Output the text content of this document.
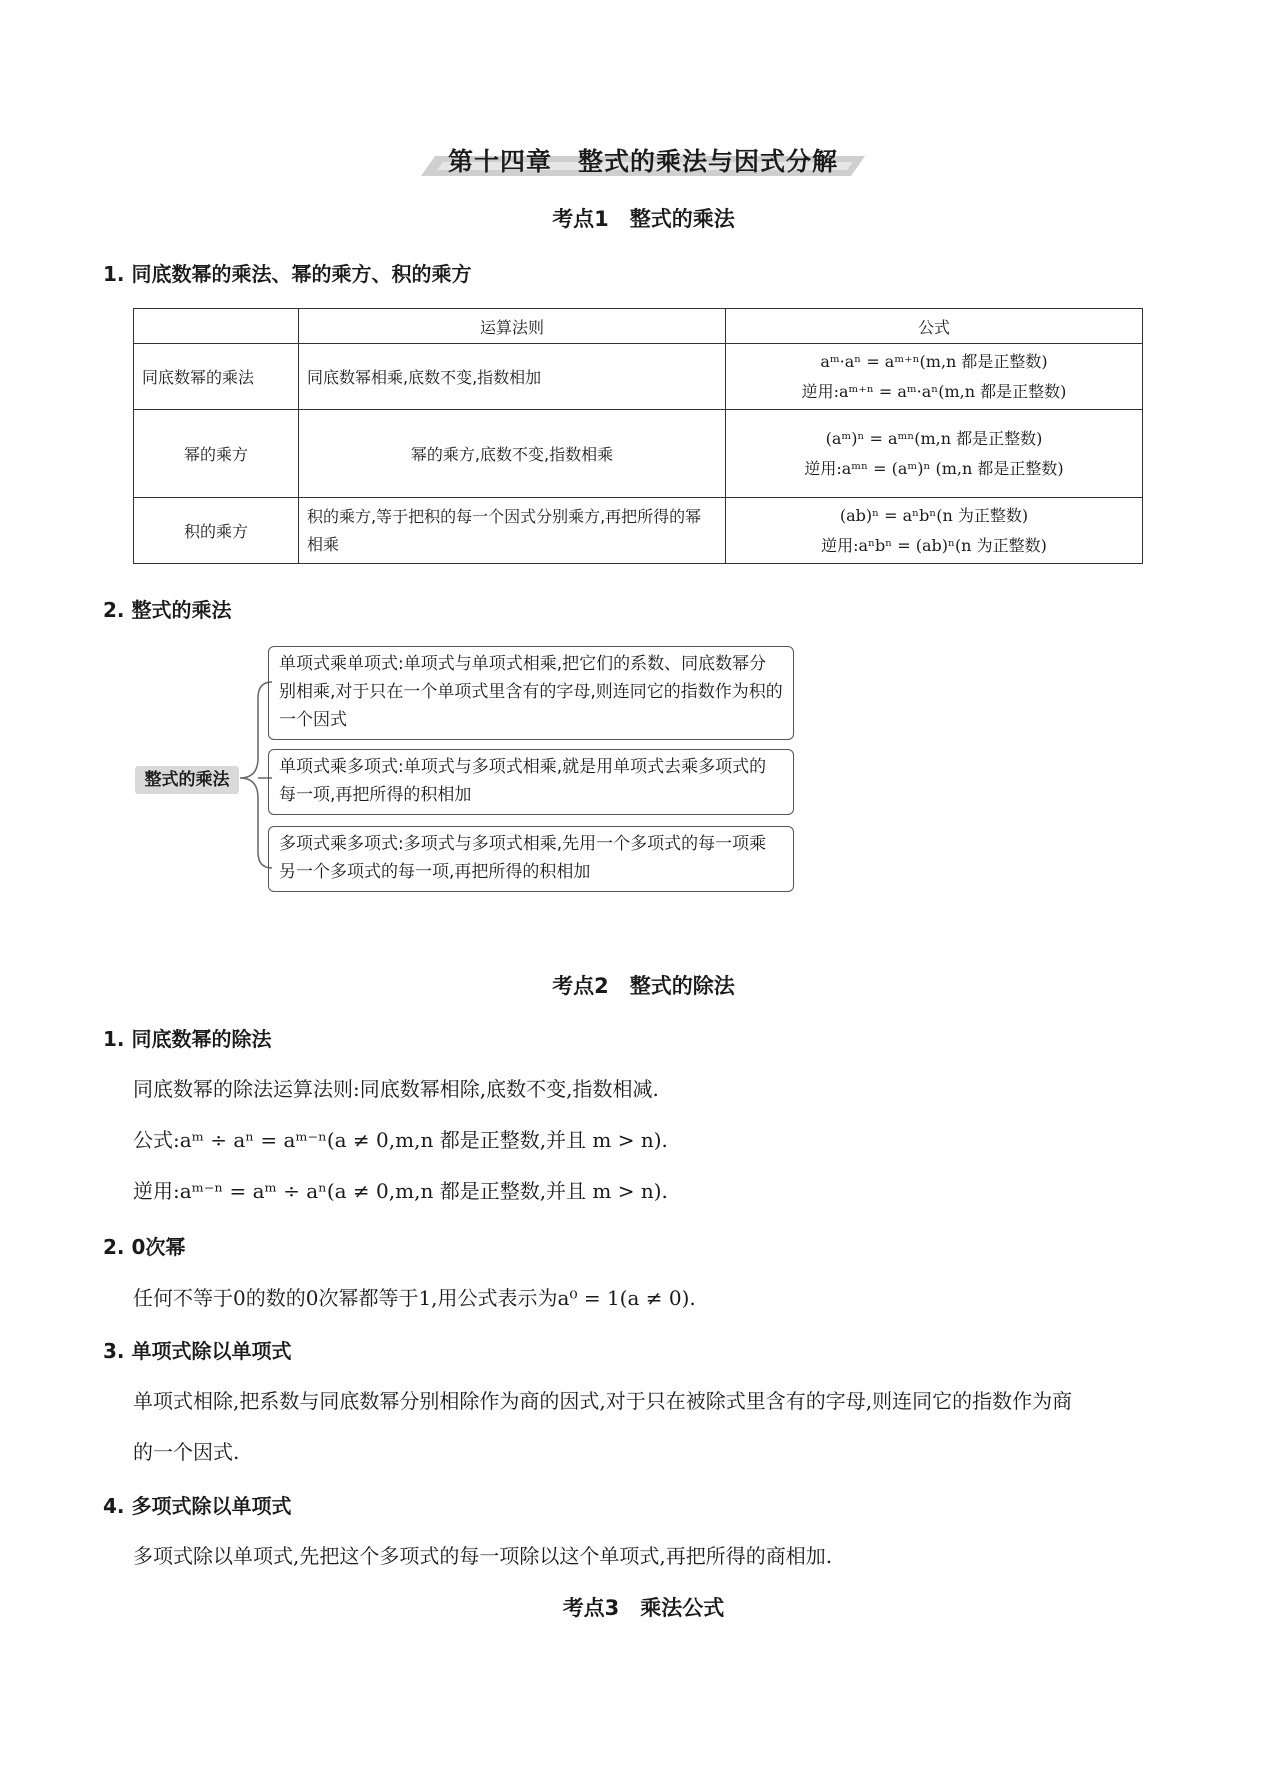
第十四章　整式的乘法与因式分解
考点1　整式的乘法
1. 同底数幂的乘法、幂的乘方、积的乘方
	运算法则	公式
同底数幂的乘法	同底数幂相乘,底数不变,指数相加	aᵐ·aⁿ = aᵐ⁺ⁿ(m,n 都是正整数)
逆用:aᵐ⁺ⁿ = aᵐ·aⁿ(m,n 都是正整数)

幂的乘方	幂的乘方,底数不变,指数相乘	(aᵐ)ⁿ = aᵐⁿ(m,n 都是正整数)
逆用:aᵐⁿ = (aᵐ)ⁿ (m,n 都是正整数)

积的乘方	积的乘方,等于把积的每一个因式分别乘方,再把所得的幂相乘	(ab)ⁿ = aⁿbⁿ(n 为正整数)
逆用:aⁿbⁿ = (ab)ⁿ(n 为正整数)
2. 整式的乘法
整式的乘法
单项式乘单项式:单项式与单项式相乘,把它们的系数、同底数幂分别相乘,对于只在一个单项式里含有的字母,则连同它的指数作为积的一个因式
单项式乘多项式:单项式与多项式相乘,就是用单项式去乘多项式的每一项,再把所得的积相加
多项式乘多项式:多项式与多项式相乘,先用一个多项式的每一项乘另一个多项式的每一项,再把所得的积相加
考点2　整式的除法
1. 同底数幂的除法
同底数幂的除法运算法则:同底数幂相除,底数不变,指数相减.
公式:aᵐ ÷ aⁿ = aᵐ⁻ⁿ(a ≠ 0,m,n 都是正整数,并且 m > n).
逆用:aᵐ⁻ⁿ = aᵐ ÷ aⁿ(a ≠ 0,m,n 都是正整数,并且 m > n).
2. 0次幂
任何不等于0的数的0次幂都等于1,用公式表示为a⁰ = 1(a ≠ 0).
3. 单项式除以单项式
单项式相除,把系数与同底数幂分别相除作为商的因式,对于只在被除式里含有的字母,则连同它的指数作为商
的一个因式.
4. 多项式除以单项式
多项式除以单项式,先把这个多项式的每一项除以这个单项式,再把所得的商相加.
考点3　乘法公式
